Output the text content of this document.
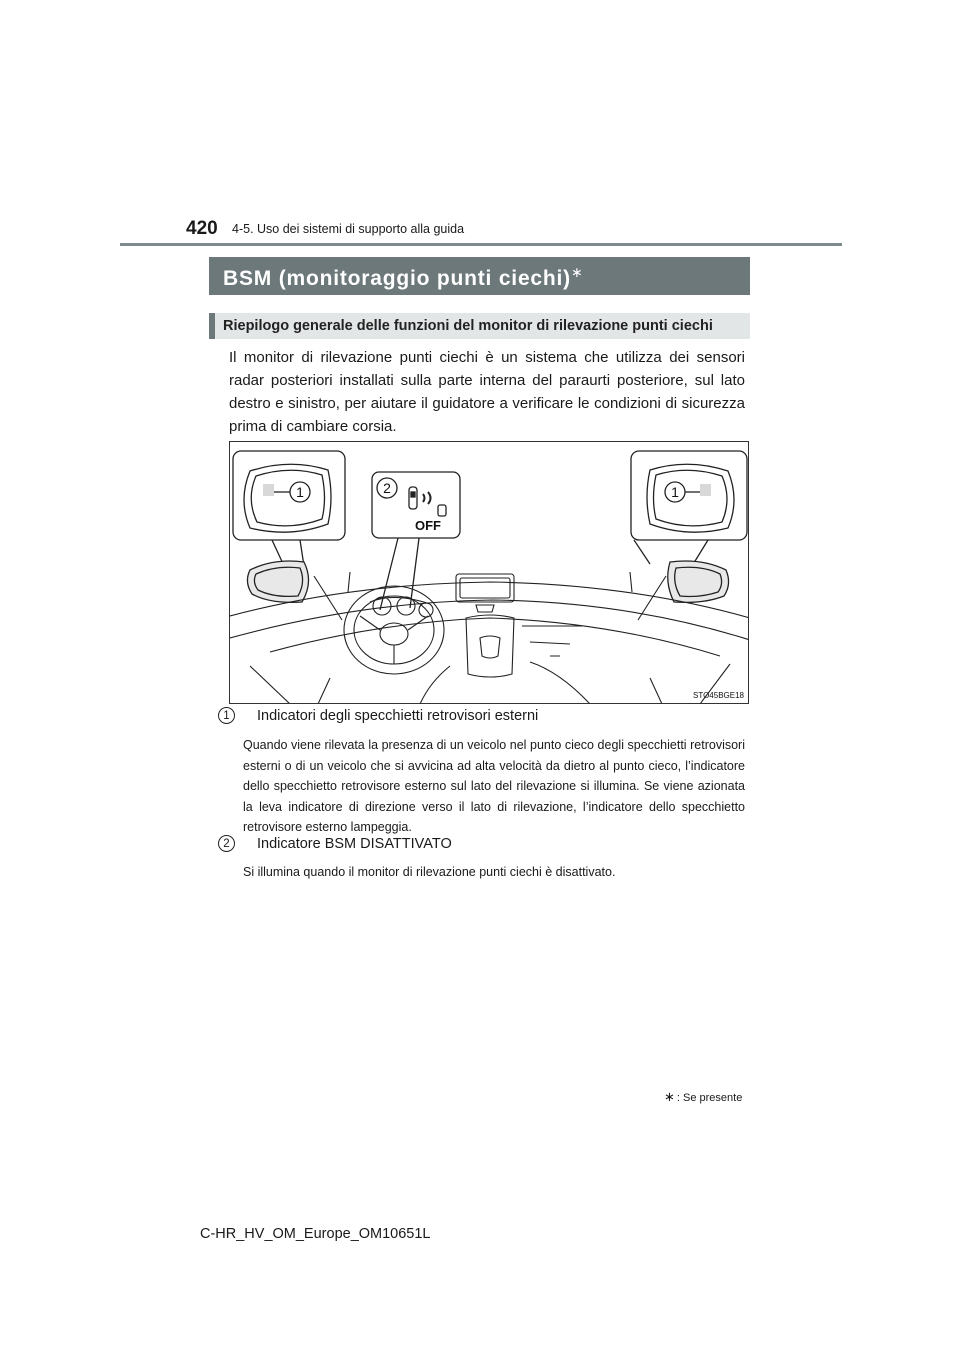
420 4-5. Uso dei sistemi di supporto alla guida
BSM (monitoraggio punti ciechi)∗
Riepilogo generale delle funzioni del monitor di rilevazione punti ciechi
Il monitor di rilevazione punti ciechi è un sistema che utilizza dei sensori radar posteriori installati sulla parte interna del paraurti posteriore, sul lato destro e sinistro, per aiutare il guidatore a verificare le condizioni di sicurezza prima di cambiare corsia.
1	2	1
OFF
STO45BGE18
1	Indicatori degli specchietti retrovisori esterni
Quando viene rilevata la presenza di un veicolo nel punto cieco degli specchietti retrovisori esterni o di un veicolo che si avvicina ad alta velocità da dietro al punto cieco, l’indicatore dello specchietto retrovisore esterno sul lato del rilevazione si illumina. Se viene azionata la leva indicatore di direzione verso il lato di rilevazione, l’indicatore dello specchietto retrovisore esterno lampeggia.
2	Indicatore BSM DISATTIVATO
Si illumina quando il monitor di rilevazione punti ciechi è disattivato.
∗ : Se presente
C-HR_HV_OM_Europe_OM10651L
